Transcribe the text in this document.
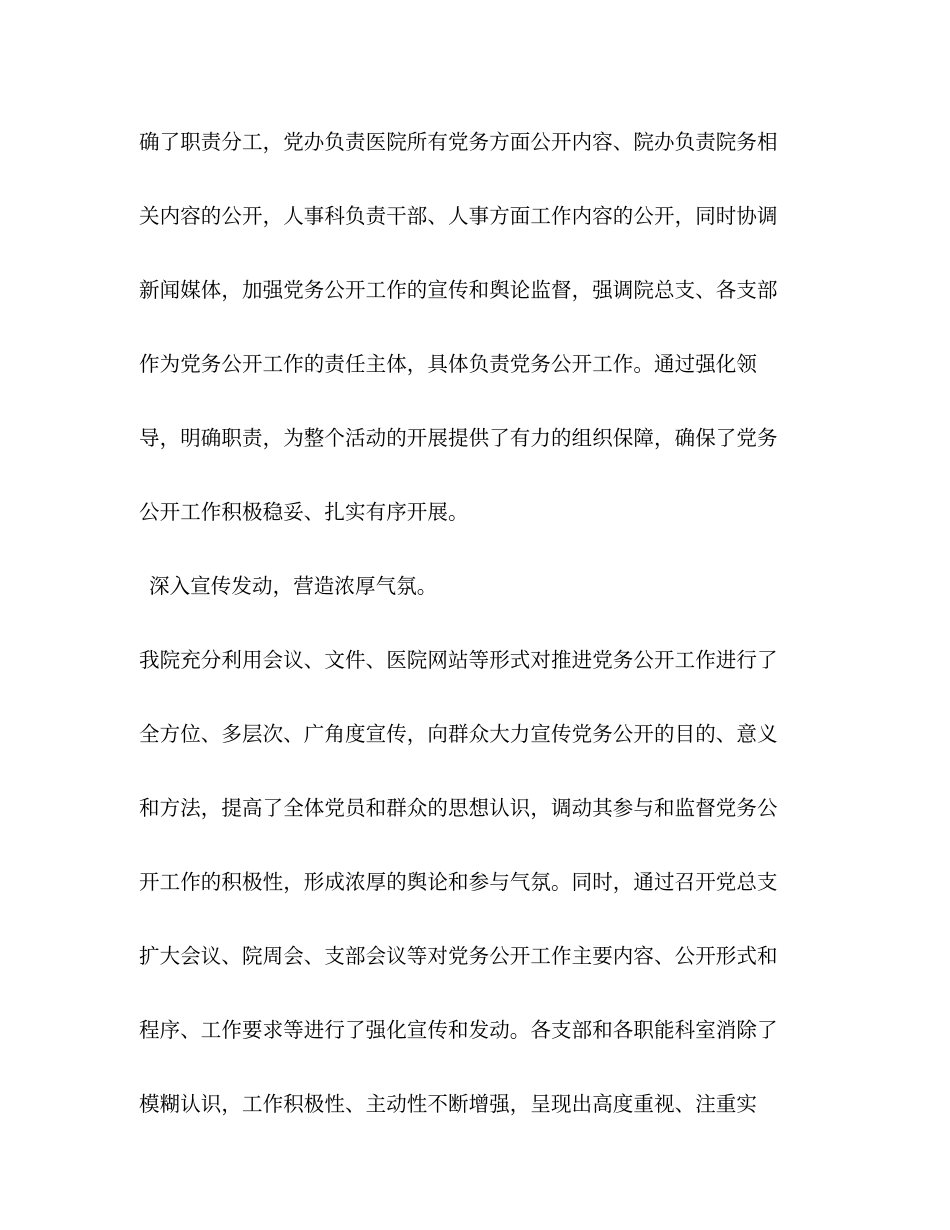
确了职责分工，党办负责医院所有党务方面公开内容、院办负责院务相
关内容的公开，人事科负责干部、人事方面工作内容的公开，同时协调
新闻媒体，加强党务公开工作的宣传和舆论监督，强调院总支、各支部
作为党务公开工作的责任主体，具体负责党务公开工作。通过强化领
导，明确职责，为整个活动的开展提供了有力的组织保障，确保了党务
公开工作积极稳妥、扎实有序开展。
深入宣传发动，营造浓厚气氛。
我院充分利用会议、文件、医院网站等形式对推进党务公开工作进行了
全方位、多层次、广角度宣传，向群众大力宣传党务公开的目的、意义
和方法，提高了全体党员和群众的思想认识，调动其参与和监督党务公
开工作的积极性，形成浓厚的舆论和参与气氛。同时，通过召开党总支
扩大会议、院周会、支部会议等对党务公开工作主要内容、公开形式和
程序、工作要求等进行了强化宣传和发动。各支部和各职能科室消除了
模糊认识，工作积极性、主动性不断增强，呈现出高度重视、注重实
